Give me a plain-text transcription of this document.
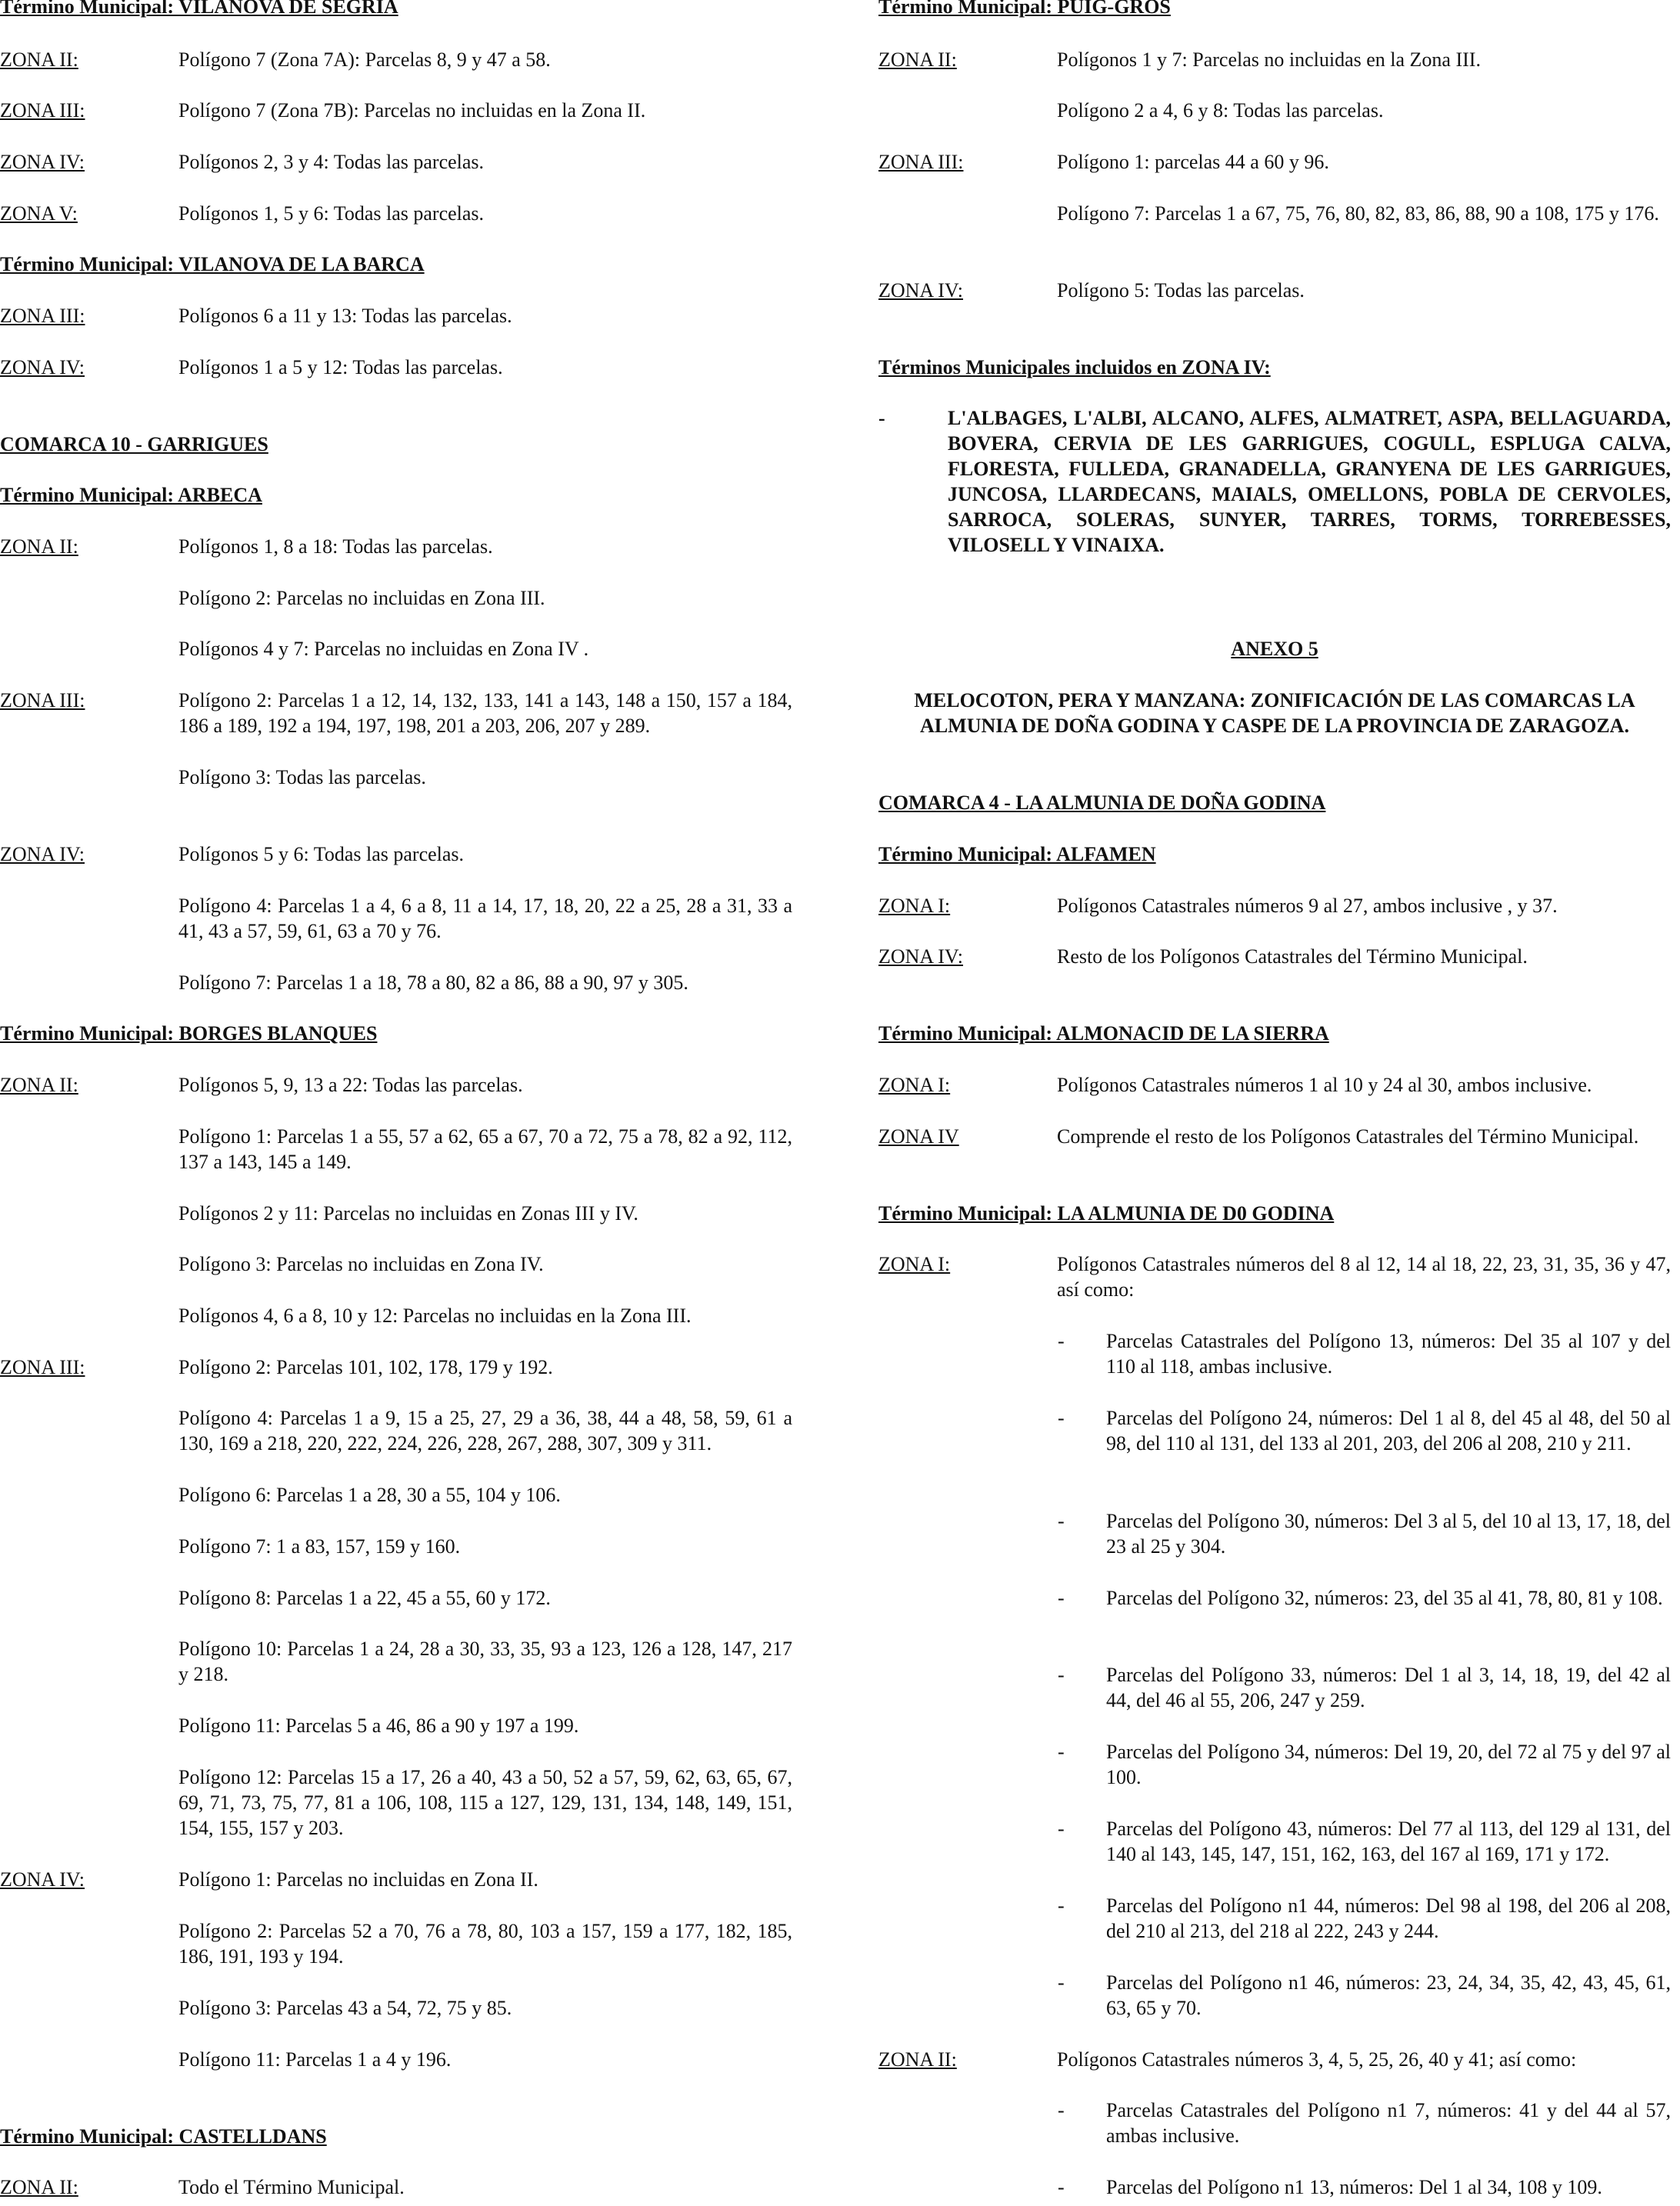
Término Municipal: VILANOVA DE SEGRIA
ZONA II:	Polígono 7 (Zona 7A): Parcelas 8, 9 y 47 a 58.
ZONA III:	Polígono 7 (Zona 7B): Parcelas no incluidas en la Zona II.
ZONA IV:	Polígonos 2, 3 y 4: Todas las parcelas.
ZONA V:	Polígonos 1, 5 y 6: Todas las parcelas.
Término Municipal: VILANOVA DE LA BARCA
ZONA III:	Polígonos 6 a 11 y 13: Todas las parcelas.
ZONA IV:	Polígonos 1 a 5 y 12: Todas las parcelas.
COMARCA 10 - GARRIGUES
Término Municipal: ARBECA
ZONA II:	Polígonos 1, 8 a 18: Todas las parcelas.
Polígono 2: Parcelas no incluidas en Zona III.
Polígonos 4 y 7: Parcelas no incluidas en Zona IV .
ZONA III:	Polígono 2: Parcelas 1 a 12, 14, 132, 133, 141 a 143, 148 a 150, 157 a 184, 186 a 189, 192 a 194, 197, 198, 201 a 203, 206, 207 y 289.
Polígono 3: Todas las parcelas.
ZONA IV:	Polígonos 5 y 6: Todas las parcelas.
Polígono 4: Parcelas 1 a 4, 6 a 8, 11 a 14, 17, 18, 20, 22 a 25, 28 a 31, 33 a 41, 43 a 57, 59, 61, 63 a 70 y 76.
Polígono 7: Parcelas 1 a 18, 78 a 80, 82 a 86, 88 a 90, 97 y 305.
Término Municipal: BORGES BLANQUES
ZONA II:	Polígonos 5, 9, 13 a 22: Todas las parcelas.
Polígono 1: Parcelas 1 a 55, 57 a 62, 65 a 67, 70 a 72, 75 a 78, 82 a 92, 112, 137 a 143, 145 a 149.
Polígonos 2 y 11: Parcelas no incluidas en Zonas III y IV.
Polígono 3: Parcelas no incluidas en Zona IV.
Polígonos 4, 6 a 8, 10 y 12: Parcelas no incluidas en la Zona III.
ZONA III:	Polígono 2: Parcelas 101, 102, 178, 179 y 192.
Polígono 4: Parcelas 1 a 9, 15 a 25, 27, 29 a 36, 38, 44 a 48, 58, 59, 61 a 130, 169 a 218, 220, 222, 224, 226, 228, 267, 288, 307, 309 y 311.
Polígono 6: Parcelas 1 a 28, 30 a 55, 104 y 106.
Polígono 7: 1 a 83, 157, 159 y 160.
Polígono 8: Parcelas 1 a 22, 45 a 55, 60 y 172.
Polígono 10: Parcelas 1 a 24, 28 a 30, 33, 35, 93 a 123, 126 a 128, 147, 217 y 218.
Polígono 11: Parcelas 5 a 46, 86 a 90 y 197 a 199.
Polígono 12: Parcelas 15 a 17, 26 a 40, 43 a 50, 52 a 57, 59, 62, 63, 65, 67, 69, 71, 73, 75, 77, 81 a 106, 108, 115 a 127, 129, 131, 134, 148, 149, 151, 154, 155, 157 y 203.
ZONA IV:	Polígono 1: Parcelas no incluidas en Zona II.
Polígono 2: Parcelas 52 a 70, 76 a 78, 80, 103 a 157, 159 a 177, 182, 185, 186, 191, 193 y 194.
Polígono 3: Parcelas 43 a 54, 72, 75 y 85.
Polígono 11: Parcelas 1 a 4 y 196.
Término Municipal: CASTELLDANS
ZONA II:	Todo el Término Municipal.
Término Municipal: PUIG-GROS
ZONA II:	Polígonos 1 y 7: Parcelas no incluidas en la Zona III.
Polígono 2 a 4, 6 y 8: Todas las parcelas.
ZONA III:	Polígono 1: parcelas 44 a 60 y 96.
Polígono 7: Parcelas 1 a 67, 75, 76, 80, 82, 83, 86, 88, 90 a 108, 175 y 176.
ZONA IV:	Polígono 5: Todas las parcelas.
Términos Municipales incluidos en ZONA IV:
-	L'ALBAGES, L'ALBI, ALCANO, ALFES, ALMATRET, ASPA, BELLAGUARDA, BOVERA, CERVIA DE LES GARRIGUES, COGULL, ESPLUGA CALVA, FLORESTA, FULLEDA, GRANADELLA, GRANYENA DE LES GARRIGUES, JUNCOSA, LLARDECANS, MAIALS, OMELLONS, POBLA DE CERVOLES, SARROCA, SOLERAS, SUNYER, TARRES, TORMS, TORREBESSES, VILOSELL Y VINAIXA.
ANEXO 5
MELOCOTON, PERA Y MANZANA: ZONIFICACIÓN DE LAS COMARCAS LA ALMUNIA DE DOÑA GODINA Y CASPE DE LA PROVINCIA DE ZARAGOZA.
COMARCA 4 - LA ALMUNIA DE DOÑA GODINA
Término Municipal: ALFAMEN
ZONA I:	Polígonos Catastrales números 9 al 27, ambos inclusive , y 37.
ZONA IV:	Resto de los Polígonos Catastrales del Término Municipal.
Término Municipal: ALMONACID DE LA SIERRA
ZONA I:	Polígonos Catastrales números 1 al 10 y 24 al 30, ambos inclusive.
ZONA IV	Comprende el resto de los Polígonos Catastrales del Término Municipal.
Término Municipal: LA ALMUNIA DE D0 GODINA
ZONA I:	Polígonos Catastrales números del 8 al 12, 14 al 18, 22, 23, 31, 35, 36 y 47, así como:
- Parcelas Catastrales del Polígono 13, números: Del 35 al 107 y del 110 al 118, ambas inclusive.
- Parcelas del Polígono 24, números: Del 1 al 8, del 45 al 48, del 50 al 98, del 110 al 131, del 133 al 201, 203, del 206 al 208, 210 y 211.
- Parcelas del Polígono 30, números: Del 3 al 5, del 10 al 13, 17, 18, del 23 al 25 y 304.
- Parcelas del Polígono 32, números: 23, del 35 al 41, 78, 80, 81 y 108.
- Parcelas del Polígono 33, números: Del 1 al 3, 14, 18, 19, del 42 al 44, del 46 al 55, 206, 247 y 259.
- Parcelas del Polígono 34, números: Del 19, 20, del 72 al 75 y del 97 al 100.
- Parcelas del Polígono 43, números: Del 77 al 113, del 129 al 131, del 140 al 143, 145, 147, 151, 162, 163, del 167 al 169, 171 y 172.
- Parcelas del Polígono n1 44, números: Del 98 al 198, del 206 al 208, del 210 al 213, del 218 al 222, 243 y 244.
- Parcelas del Polígono n1 46, números: 23, 24, 34, 35, 42, 43, 45, 61, 63, 65 y 70.
ZONA II:	Polígonos Catastrales números 3, 4, 5, 25, 26, 40 y 41; así como:
- Parcelas Catastrales del Polígono n1 7, números: 41 y del 44 al 57, ambas inclusive.
- Parcelas del Polígono n1 13, números: Del 1 al 34, 108 y 109.
